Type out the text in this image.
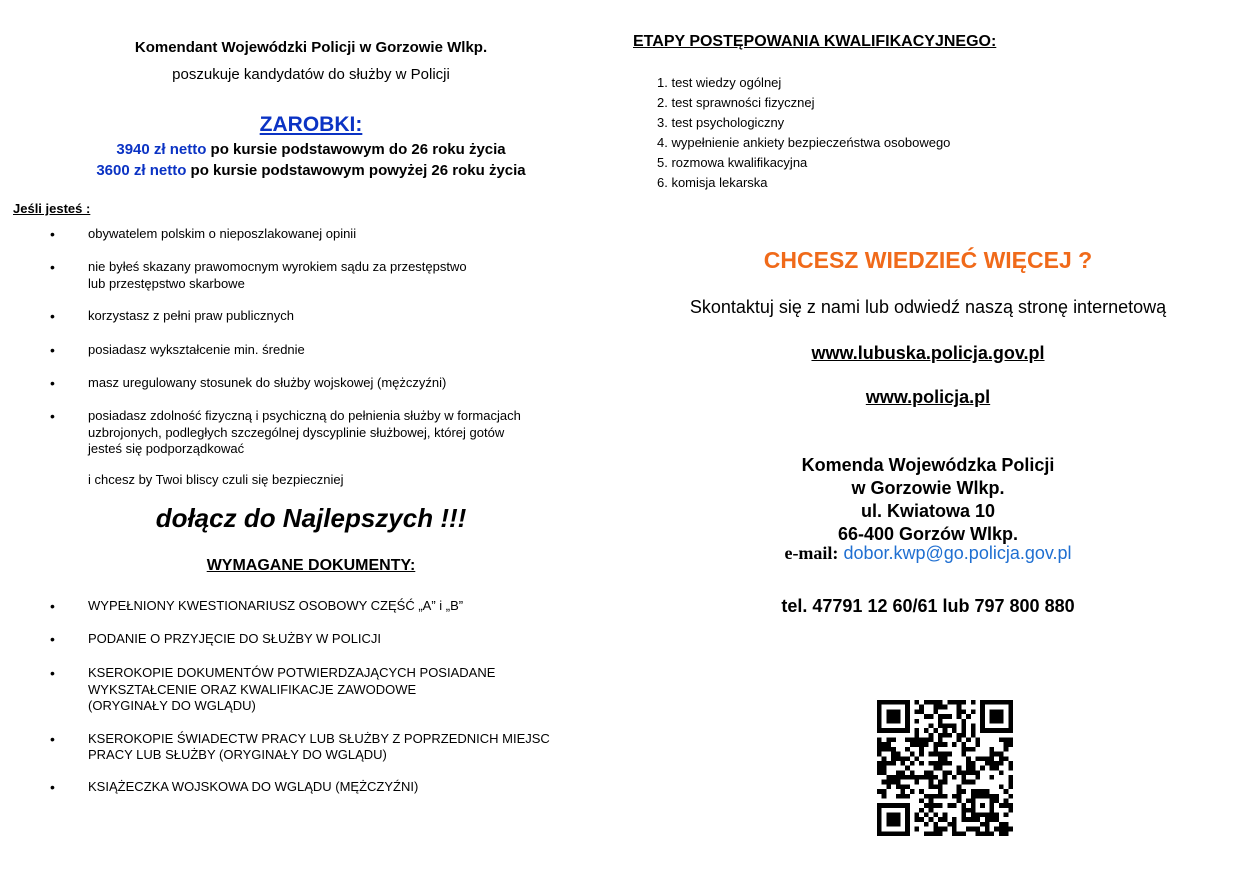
Komendant Wojewódzki Policji w Gorzowie Wlkp.
poszukuje kandydatów do służby w Policji
ZAROBKI:
3940 zł netto po kursie podstawowym do 26 roku życia
3600 zł netto po kursie podstawowym powyżej 26 roku życia
Jeśli jesteś :
•	obywatelem polskim o nieposzlakowanej opinii
•	nie byłeś skazany prawomocnym wyrokiem sądu za przestępstwo
lub przestępstwo skarbowe
•	korzystasz z pełni praw publicznych
•	posiadasz wykształcenie min. średnie
•	masz uregulowany stosunek do służby wojskowej (mężczyźni)
•	posiadasz zdolność fizyczną i psychiczną do pełnienia służby w formacjach
uzbrojonych, podległych szczególnej dyscyplinie służbowej, której gotów
jesteś się podporządkować
i chcesz by Twoi bliscy czuli się bezpieczniej
dołącz do Najlepszych !!!
WYMAGANE DOKUMENTY:
•	WYPEŁNIONY KWESTIONARIUSZ OSOBOWY CZĘŚĆ „A” i „B”
•	PODANIE O PRZYJĘCIE DO SŁUŻBY W POLICJI
•	KSEROKOPIE DOKUMENTÓW POTWIERDZAJĄCYCH POSIADANE
WYKSZTAŁCENIE ORAZ KWALIFIKACJE ZAWODOWE
(ORYGINAŁY DO WGLĄDU)
•	KSEROKOPIE ŚWIADECTW PRACY LUB SŁUŻBY Z POPRZEDNICH MIEJSC
PRACY LUB SŁUŻBY (ORYGINAŁY DO WGLĄDU)
•	KSIĄŻECZKA WOJSKOWA DO WGLĄDU (MĘŻCZYŹNI)
ETAPY POSTĘPOWANIA KWALIFIKACYJNEGO:
1. test wiedzy ogólnej
2. test sprawności fizycznej
3. test psychologiczny
4. wypełnienie ankiety bezpieczeństwa osobowego
5. rozmowa kwalifikacyjna
6. komisja lekarska
CHCESZ WIEDZIEĆ WIĘCEJ ?
Skontaktuj się z nami lub odwiedź naszą stronę internetową
www.lubuska.policja.gov.pl
www.policja.pl
Komenda Wojewódzka Policji
w Gorzowie Wlkp.
ul. Kwiatowa 10
66-400 Gorzów Wlkp.
e-mail: dobor.kwp@go.policja.gov.pl
tel. 47791 12 60/61 lub 797 800 880
